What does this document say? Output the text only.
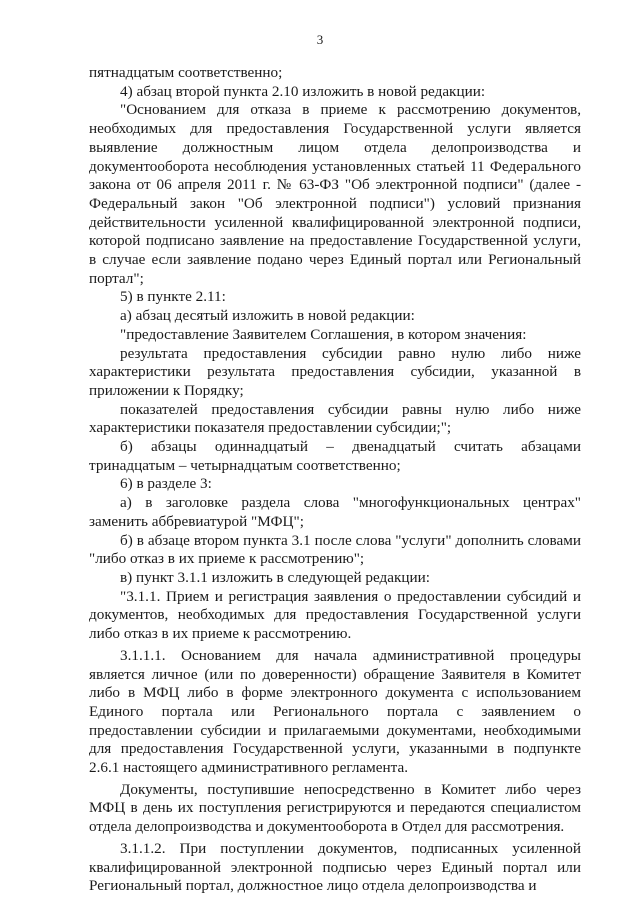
3

пятнадцатым соответственно;

4) абзац второй пункта 2.10 изложить в новой редакции:

"Основанием для отказа в приеме к рассмотрению документов, необходимых для предоставления Государственной услуги является выявление должностным лицом отдела делопроизводства и документооборота несоблюдения установленных статьей 11 Федерального закона от 06 апреля 2011 г. № 63-ФЗ "Об электронной подписи" (далее - Федеральный закон "Об электронной подписи") условий признания действительности усиленной квалифицированной электронной подписи, которой подписано заявление на предоставление Государственной услуги, в случае если заявление подано через Единый портал или Региональный портал";

5) в пункте 2.11:

а) абзац десятый изложить в новой редакции:

"предоставление Заявителем Соглашения, в котором значения:

результата предоставления субсидии равно нулю либо ниже характеристики результата предоставления субсидии, указанной в приложении к Порядку;

показателей предоставления субсидии равны нулю либо ниже характеристики показателя предоставлении субсидии;";

б) абзацы одиннадцатый – двенадцатый считать абзацами тринадцатым – четырнадцатым соответственно;

6) в разделе 3:

а) в заголовке раздела слова "многофункциональных центрах" заменить аббревиатурой "МФЦ";

б) в абзаце втором пункта 3.1 после слова "услуги" дополнить словами "либо отказ в их приеме к рассмотрению";

в) пункт 3.1.1 изложить в следующей редакции:

"3.1.1. Прием и регистрация заявления о предоставлении субсидий и документов, необходимых для предоставления Государственной услуги либо отказ в их приеме к рассмотрению.

3.1.1.1. Основанием для начала административной процедуры является личное (или по доверенности) обращение Заявителя в Комитет либо в МФЦ либо в форме электронного документа с использованием Единого портала или Регионального портала с заявлением о предоставлении субсидии и прилагаемыми документами, необходимыми для предоставления Государственной услуги, указанными в подпункте 2.6.1 настоящего административного регламента.

Документы, поступившие непосредственно в Комитет либо через МФЦ в день их поступления регистрируются и передаются специалистом отдела делопроизводства и документооборота в Отдел для рассмотрения.

3.1.1.2. При поступлении документов, подписанных усиленной квалифицированной электронной подписью через Единый портал или Региональный портал, должностное лицо отдела делопроизводства и
